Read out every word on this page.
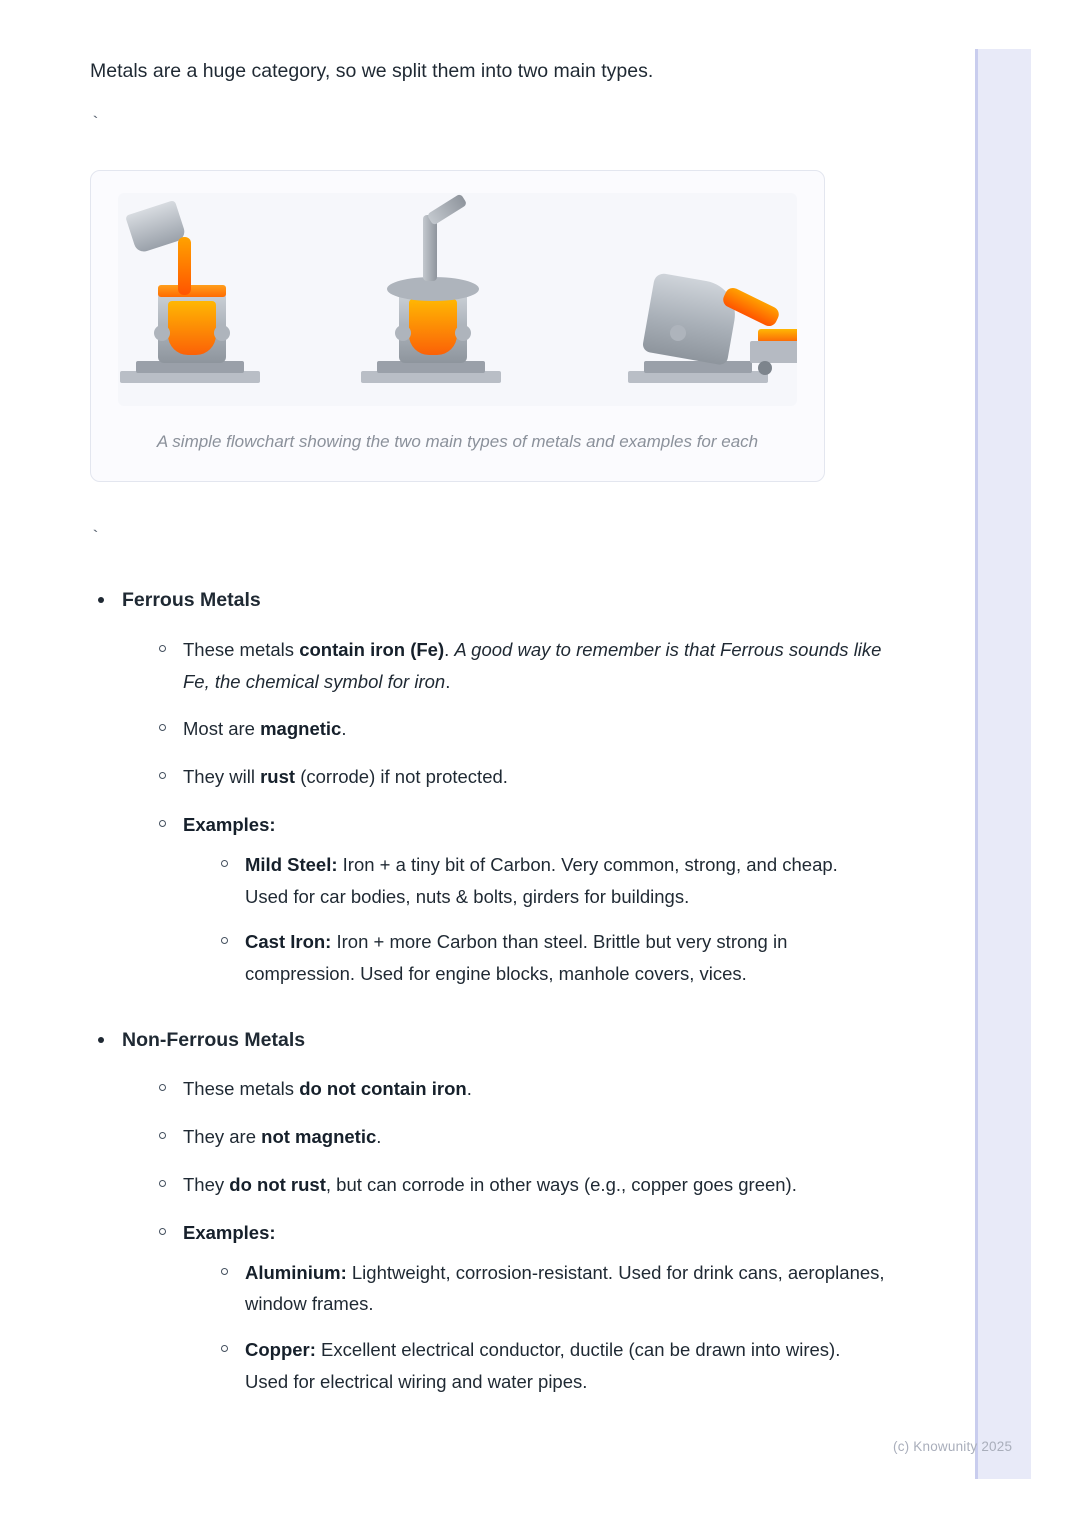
Metals are a huge category, so we split them into two main types.

`
A simple flowchart showing the two main types of metals and examples for each
`
Ferrous Metals
These metals contain iron (Fe). A good way to remember is that Ferrous sounds like Fe, the chemical symbol for iron.
Most are magnetic.
They will rust (corrode) if not protected.
Examples:
Mild Steel: Iron + a tiny bit of Carbon. Very common, strong, and cheap. Used for car bodies, nuts & bolts, girders for buildings.
Cast Iron: Iron + more Carbon than steel. Brittle but very strong in compression. Used for engine blocks, manhole covers, vices.
Non-Ferrous Metals
These metals do not contain iron.
They are not magnetic.
They do not rust, but can corrode in other ways (e.g., copper goes green).
Examples:
Aluminium: Lightweight, corrosion-resistant. Used for drink cans, aeroplanes, window frames.
Copper: Excellent electrical conductor, ductile (can be drawn into wires). Used for electrical wiring and water pipes.
(c) Knowunity 2025
